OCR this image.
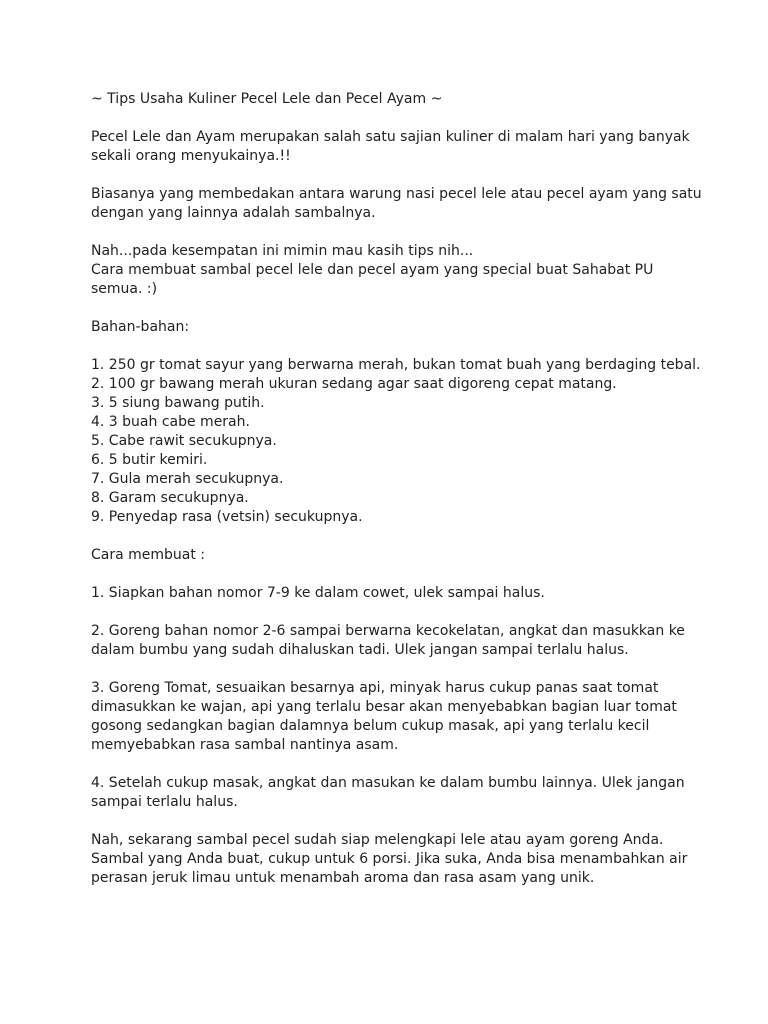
~ Tips Usaha Kuliner Pecel Lele dan Pecel Ayam ~

Pecel Lele dan Ayam merupakan salah satu sajian kuliner di malam hari yang banyak sekali orang menyukainya.!!

Biasanya yang membedakan antara warung nasi pecel lele atau pecel ayam yang satu dengan yang lainnya adalah sambalnya.

Nah...pada kesempatan ini mimin mau kasih tips nih...

Cara membuat sambal pecel lele dan pecel ayam yang special buat Sahabat PU semua. :)

Bahan-bahan:

1. 250 gr tomat sayur yang berwarna merah, bukan tomat buah yang berdaging tebal.
2. 100 gr bawang merah ukuran sedang agar saat digoreng cepat matang.
3. 5 siung bawang putih.
4. 3 buah cabe merah.
5. Cabe rawit secukupnya.
6. 5 butir kemiri.
7. Gula merah secukupnya.
8. Garam secukupnya.
9. Penyedap rasa (vetsin) secukupnya.

Cara membuat :

1. Siapkan bahan nomor 7-9 ke dalam cowet, ulek sampai halus.

2. Goreng bahan nomor 2-6 sampai berwarna kecokelatan, angkat dan masukkan ke dalam bumbu yang sudah dihaluskan tadi. Ulek jangan sampai terlalu halus.

3. Goreng Tomat, sesuaikan besarnya api, minyak harus cukup panas saat tomat dimasukkan ke wajan, api yang terlalu besar akan menyebabkan bagian luar tomat gosong sedangkan bagian dalamnya belum cukup masak, api yang terlalu kecil memyebabkan rasa sambal nantinya asam.

4. Setelah cukup masak, angkat dan masukan ke dalam bumbu lainnya. Ulek jangan sampai terlalu halus.

Nah, sekarang sambal pecel sudah siap melengkapi lele atau ayam goreng Anda. Sambal yang Anda buat, cukup untuk 6 porsi. Jika suka, Anda bisa menambahkan air perasan jeruk limau untuk menambah aroma dan rasa asam yang unik.
